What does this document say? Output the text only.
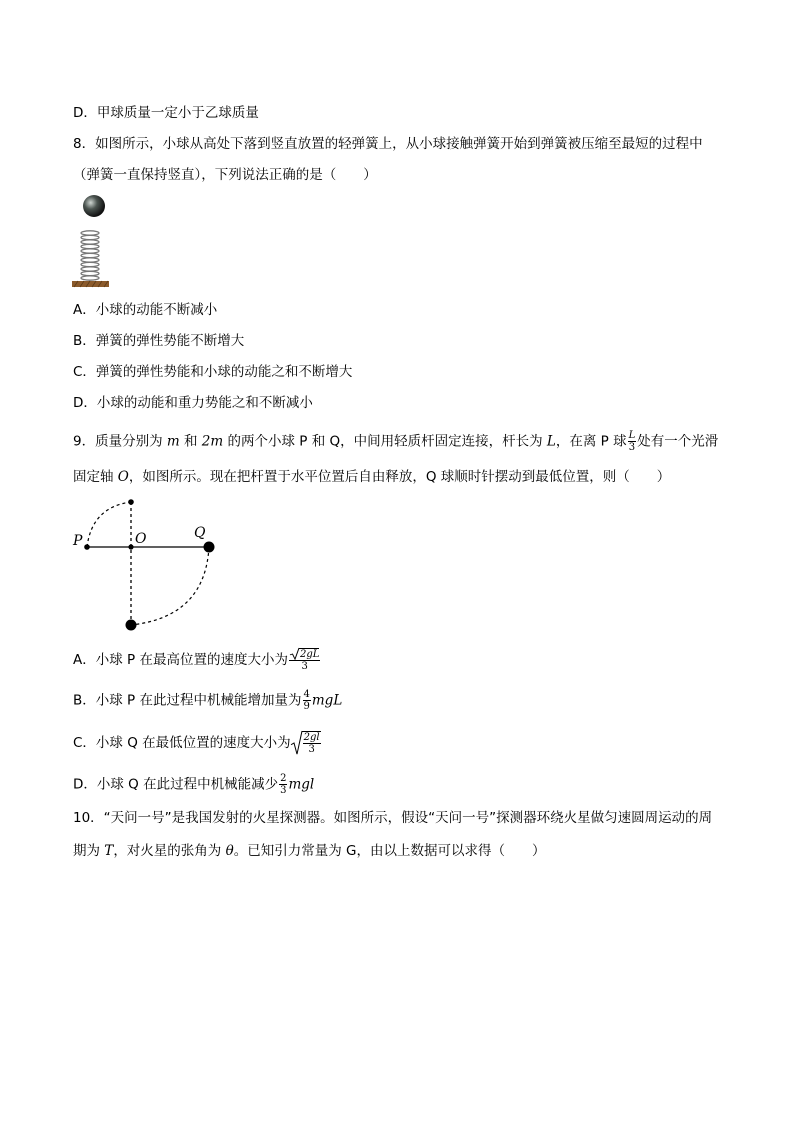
D．甲球质量一定小于乙球质量
8．如图所示，小球从高处下落到竖直放置的轻弹簧上，从小球接触弹簧开始到弹簧被压缩至最短的过程中
（弹簧一直保持竖直），下列说法正确的是（　　）
A．小球的动能不断减小
B．弹簧的弹性势能不断增大
C．弹簧的弹性势能和小球的动能之和不断增大
D．小球的动能和重力势能之和不断减小
9．质量分别为 m 和 2m 的两个小球 P 和 Q，中间用轻质杆固定连接，杆长为 L，在离 P 球 $\frac{L}{3}$ 处有一个光滑
固定轴 O，如图所示。现在把杆置于水平位置后自由释放，Q 球顺时针摆动到最低位置，则（　　）
P	O	Q
A．小球 P 在最高位置的速度大小为 $\frac{2gL}{3}$
B．小球 P 在此过程中机械能增加量为 $\frac{4}{9}$ mgL
C．小球 Q 在最低位置的速度大小为 $\frac{2gl}{3}$
D．小球 Q 在此过程中机械能减少 $\frac{2}{3}$ mgl
10．“天问一号”是我国发射的火星探测器。如图所示，假设“天问一号”探测器环绕火星做匀速圆周运动的周
期为 T，对火星的张角为 θ。已知引力常量为 G，由以上数据可以求得（　　）
